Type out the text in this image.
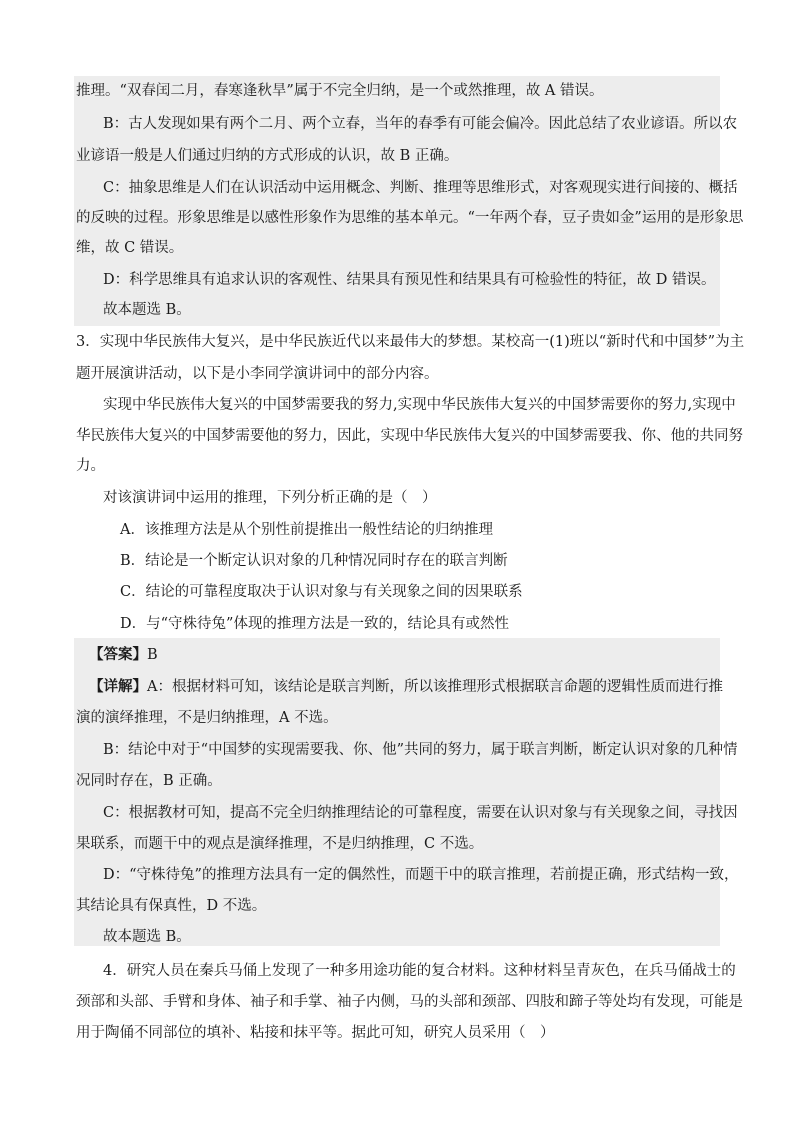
推理。“双春闰二月，春寒逢秋旱”属于不完全归纳，是一个或然推理，故 A 错误。
B：古人发现如果有两个二月、两个立春，当年的春季有可能会偏冷。因此总结了农业谚语。所以农
业谚语一般是人们通过归纳的方式形成的认识，故 B 正确。
C：抽象思维是人们在认识活动中运用概念、判断、推理等思维形式，对客观现实进行间接的、概括
的反映的过程。形象思维是以感性形象作为思维的基本单元。“一年两个春，豆子贵如金”运用的是形象思
维，故 C 错误。
D：科学思维具有追求认识的客观性、结果具有预见性和结果具有可检验性的特征，故 D 错误。
故本题选 B。
3．实现中华民族伟大复兴，是中华民族近代以来最伟大的梦想。某校高一(1)班以“新时代和中国梦”为主
题开展演讲活动，以下是小李同学演讲词中的部分内容。
实现中华民族伟大复兴的中国梦需要我的努力,实现中华民族伟大复兴的中国梦需要你的努力,实现中
华民族伟大复兴的中国梦需要他的努力，因此，实现中华民族伟大复兴的中国梦需要我、你、他的共同努
力。
对该演讲词中运用的推理，下列分析正确的是（　）
A．该推理方法是从个别性前提推出一般性结论的归纳推理
B．结论是一个断定认识对象的几种情况同时存在的联言判断
C．结论的可靠程度取决于认识对象与有关现象之间的因果联系
D．与“守株待兔”体现的推理方法是一致的，结论具有或然性
【答案】B
【详解】A：根据材料可知，该结论是联言判断，所以该推理形式根据联言命题的逻辑性质而进行推
演的演绎推理，不是归纳推理，A 不选。
B：结论中对于“中国梦的实现需要我、你、他”共同的努力，属于联言判断，断定认识对象的几种情
况同时存在，B 正确。
C：根据教材可知，提高不完全归纳推理结论的可靠程度，需要在认识对象与有关现象之间，寻找因
果联系，而题干中的观点是演绎推理，不是归纳推理，C 不选。
D：“守株待兔”的推理方法具有一定的偶然性，而题干中的联言推理，若前提正确，形式结构一致，
其结论具有保真性，D 不选。
故本题选 B。
4．研究人员在秦兵马俑上发现了一种多用途功能的复合材料。这种材料呈青灰色，在兵马俑战士的
颈部和头部、手臂和身体、袖子和手掌、袖子内侧，马的头部和颈部、四肢和蹄子等处均有发现，可能是
用于陶俑不同部位的填补、粘接和抹平等。据此可知，研究人员采用（　）
